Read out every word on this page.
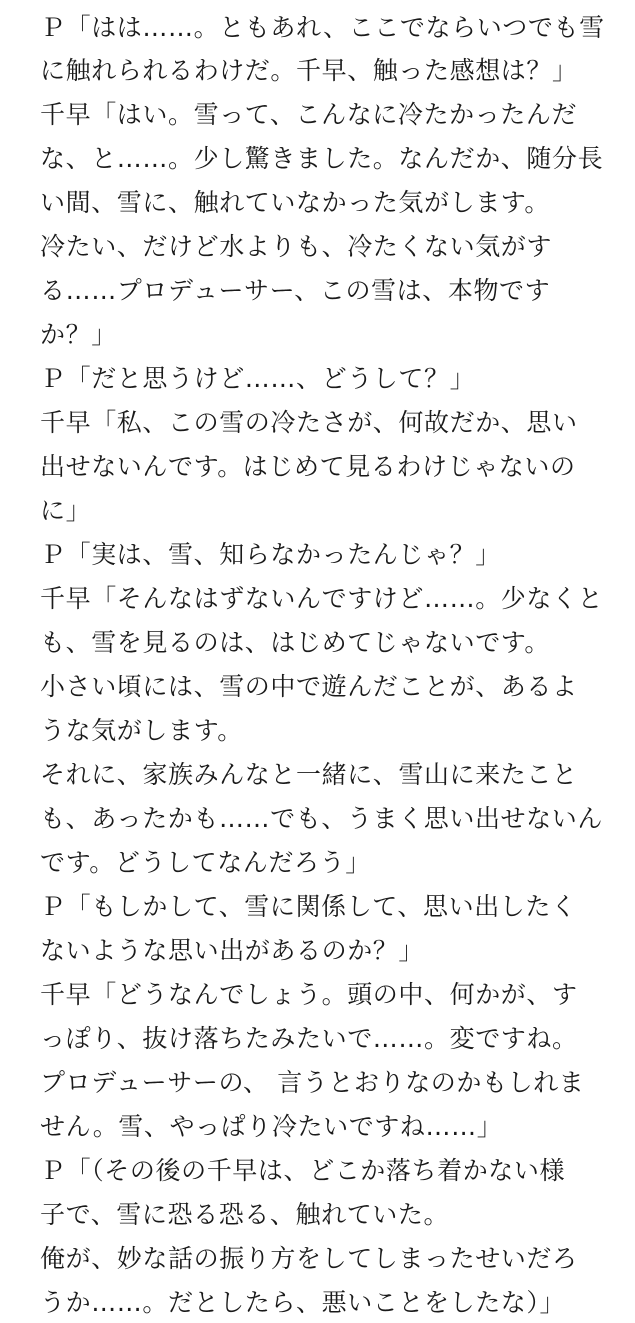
Ｐ「はは……。ともあれ、ここでならいつでも雪
に触れられるわけだ。千早、触った感想は？」
千早「はい。雪って、こんなに冷たかったんだ
な、と……。少し驚きました。なんだか、随分長
い間、雪に、触れていなかった気がします。
冷たい、だけど水よりも、冷たくない気がす
る……プロデューサー、この雪は、本物です
か？」
Ｐ「だと思うけど……、どうして？」
千早「私、この雪の冷たさが、何故だか、思い
出せないんです。はじめて見るわけじゃないの
に」
Ｐ「実は、雪、知らなかったんじゃ？」
千早「そんなはずないんですけど……。少なくと
も、雪を見るのは、はじめてじゃないです。
小さい頃には、雪の中で遊んだことが、あるよ
うな気がします。
それに、家族みんなと一緒に、雪山に来たこと
も、あったかも……でも、うまく思い出せないん
です。どうしてなんだろう」
Ｐ「もしかして、雪に関係して、思い出したく
ないような思い出があるのか？」
千早「どうなんでしょう。頭の中、何かが、す
っぽり、抜け落ちたみたいで……。変ですね。
プロデューサーの、 言うとおりなのかもしれま
せん。雪、やっぱり冷たいですね……」
Ｐ「（その後の千早は、どこか落ち着かない様
子で、雪に恐る恐る、触れていた。
俺が、妙な話の振り方をしてしまったせいだろ
うか……。だとしたら、悪いことをしたな）」
